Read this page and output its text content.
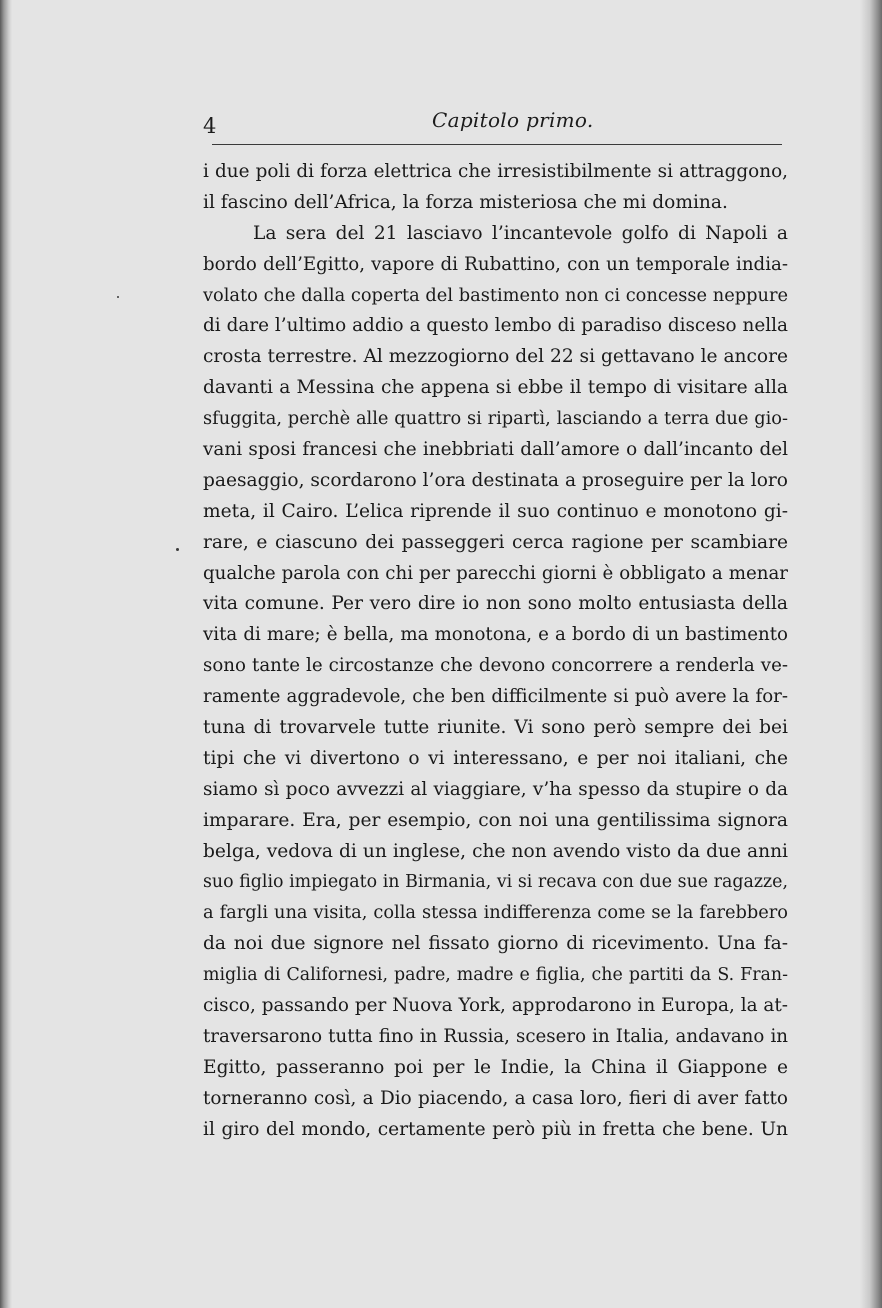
4	Capitolo primo.
i due poli di forza elettrica che irresistibilmente si attraggono,
il fascino dell’Africa, la forza misteriosa che mi domina.
La sera del 21 lasciavo l’incantevole golfo di Napoli a
bordo dell’Egitto, vapore di Rubattino, con un temporale india-
volato che dalla coperta del bastimento non ci concesse neppure
di dare l’ultimo addio a questo lembo di paradiso disceso nella
crosta terrestre. Al mezzogiorno del 22 si gettavano le ancore
davanti a Messina che appena si ebbe il tempo di visitare alla
sfuggita, perchè alle quattro si ripartì, lasciando a terra due gio-
vani sposi francesi che inebbriati dall’amore o dall’incanto del
paesaggio, scordarono l’ora destinata a proseguire per la loro
meta, il Cairo. L’elica riprende il suo continuo e monotono gi-
rare, e ciascuno dei passeggeri cerca ragione per scambiare
qualche parola con chi per parecchi giorni è obbligato a menar
vita comune. Per vero dire io non sono molto entusiasta della
vita di mare; è bella, ma monotona, e a bordo di un bastimento
sono tante le circostanze che devono concorrere a renderla ve-
ramente aggradevole, che ben difficilmente si può avere la for-
tuna di trovarvele tutte riunite. Vi sono però sempre dei bei
tipi che vi divertono o vi interessano, e per noi italiani, che
siamo sì poco avvezzi al viaggiare, v’ha spesso da stupire o da
imparare. Era, per esempio, con noi una gentilissima signora
belga, vedova di un inglese, che non avendo visto da due anni
suo figlio impiegato in Birmania, vi si recava con due sue ragazze,
a fargli una visita, colla stessa indifferenza come se la farebbero
da noi due signore nel fissato giorno di ricevimento. Una fa-
miglia di Californesi, padre, madre e figlia, che partiti da S. Fran-
cisco, passando per Nuova York, approdarono in Europa, la at-
traversarono tutta fino in Russia, scesero in Italia, andavano in
Egitto, passeranno poi per le Indie, la China il Giappone e
torneranno così, a Dio piacendo, a casa loro, fieri di aver fatto
il giro del mondo, certamente però più in fretta che bene. Un
